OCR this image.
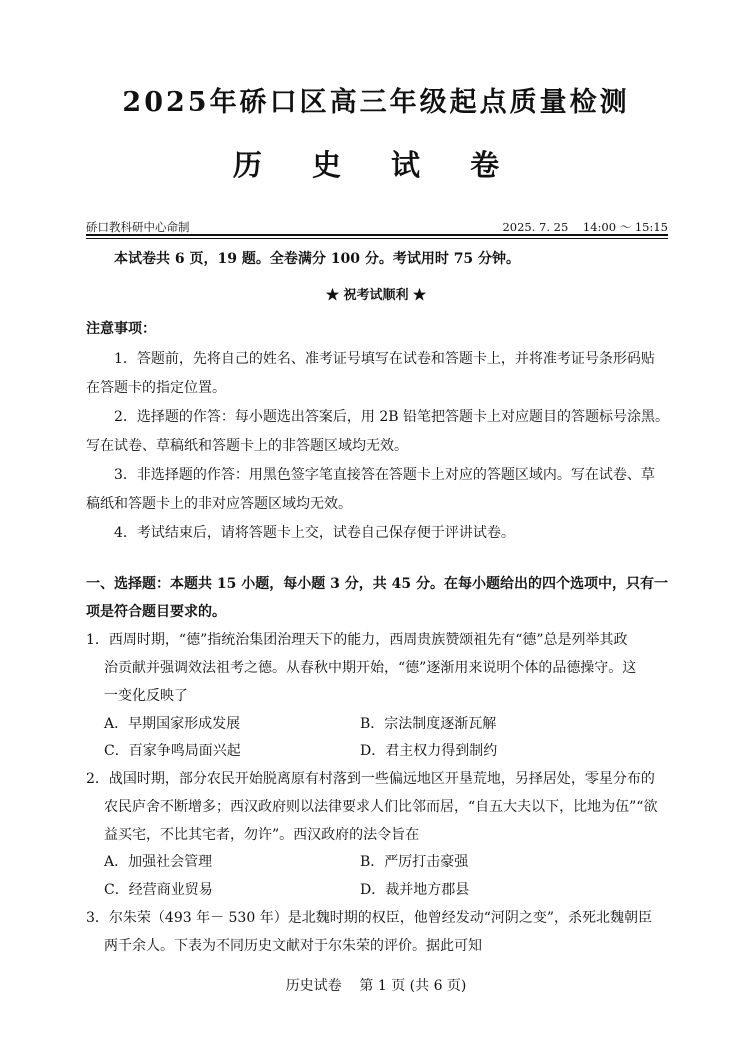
2025年硚口区高三年级起点质量检测
历 史 试 卷
硚口教科研中心命制	2025. 7. 25    14:00 ～ 15:15
本试卷共 6 页，19 题。全卷满分 100 分。考试用时 75 分钟。
★ 祝考试顺利 ★
注意事项：
1．答题前，先将自己的姓名、准考证号填写在试卷和答题卡上，并将准考证号条形码贴
在答题卡的指定位置。
2．选择题的作答：每小题选出答案后，用 2B 铅笔把答题卡上对应题目的答题标号涂黑。
写在试卷、草稿纸和答题卡上的非答题区域均无效。
3．非选择题的作答：用黑色签字笔直接答在答题卡上对应的答题区域内。写在试卷、草
稿纸和答题卡上的非对应答题区域均无效。
4．考试结束后，请将答题卡上交，试卷自己保存便于评讲试卷。
一、选择题：本题共 15 小题，每小题 3 分，共 45 分。在每小题给出的四个选项中，只有一
项是符合题目要求的。
1．西周时期，“德”指统治集团治理天下的能力，西周贵族赞颂祖先有“德”总是列举其政
治贡献并强调效法祖考之德。从春秋中期开始，“德”逐渐用来说明个体的品德操守。这
一变化反映了
A．早期国家形成发展	B．宗法制度逐渐瓦解
C．百家争鸣局面兴起	D．君主权力得到制约
2．战国时期，部分农民开始脱离原有村落到一些偏远地区开垦荒地，另择居处，零星分布的
农民庐舍不断增多；西汉政府则以法律要求人们比邻而居，“自五大夫以下，比地为伍”“欲
益买宅，不比其宅者，勿许”。西汉政府的法令旨在
A．加强社会管理	B．严厉打击豪强
C．经营商业贸易	D．裁并地方郡县
3．尔朱荣（493 年－ 530 年）是北魏时期的权臣，他曾经发动“河阴之变”，杀死北魏朝臣
两千余人。下表为不同历史文献对于尔朱荣的评价。据此可知
历史试卷    第 1 页 (共 6 页)
